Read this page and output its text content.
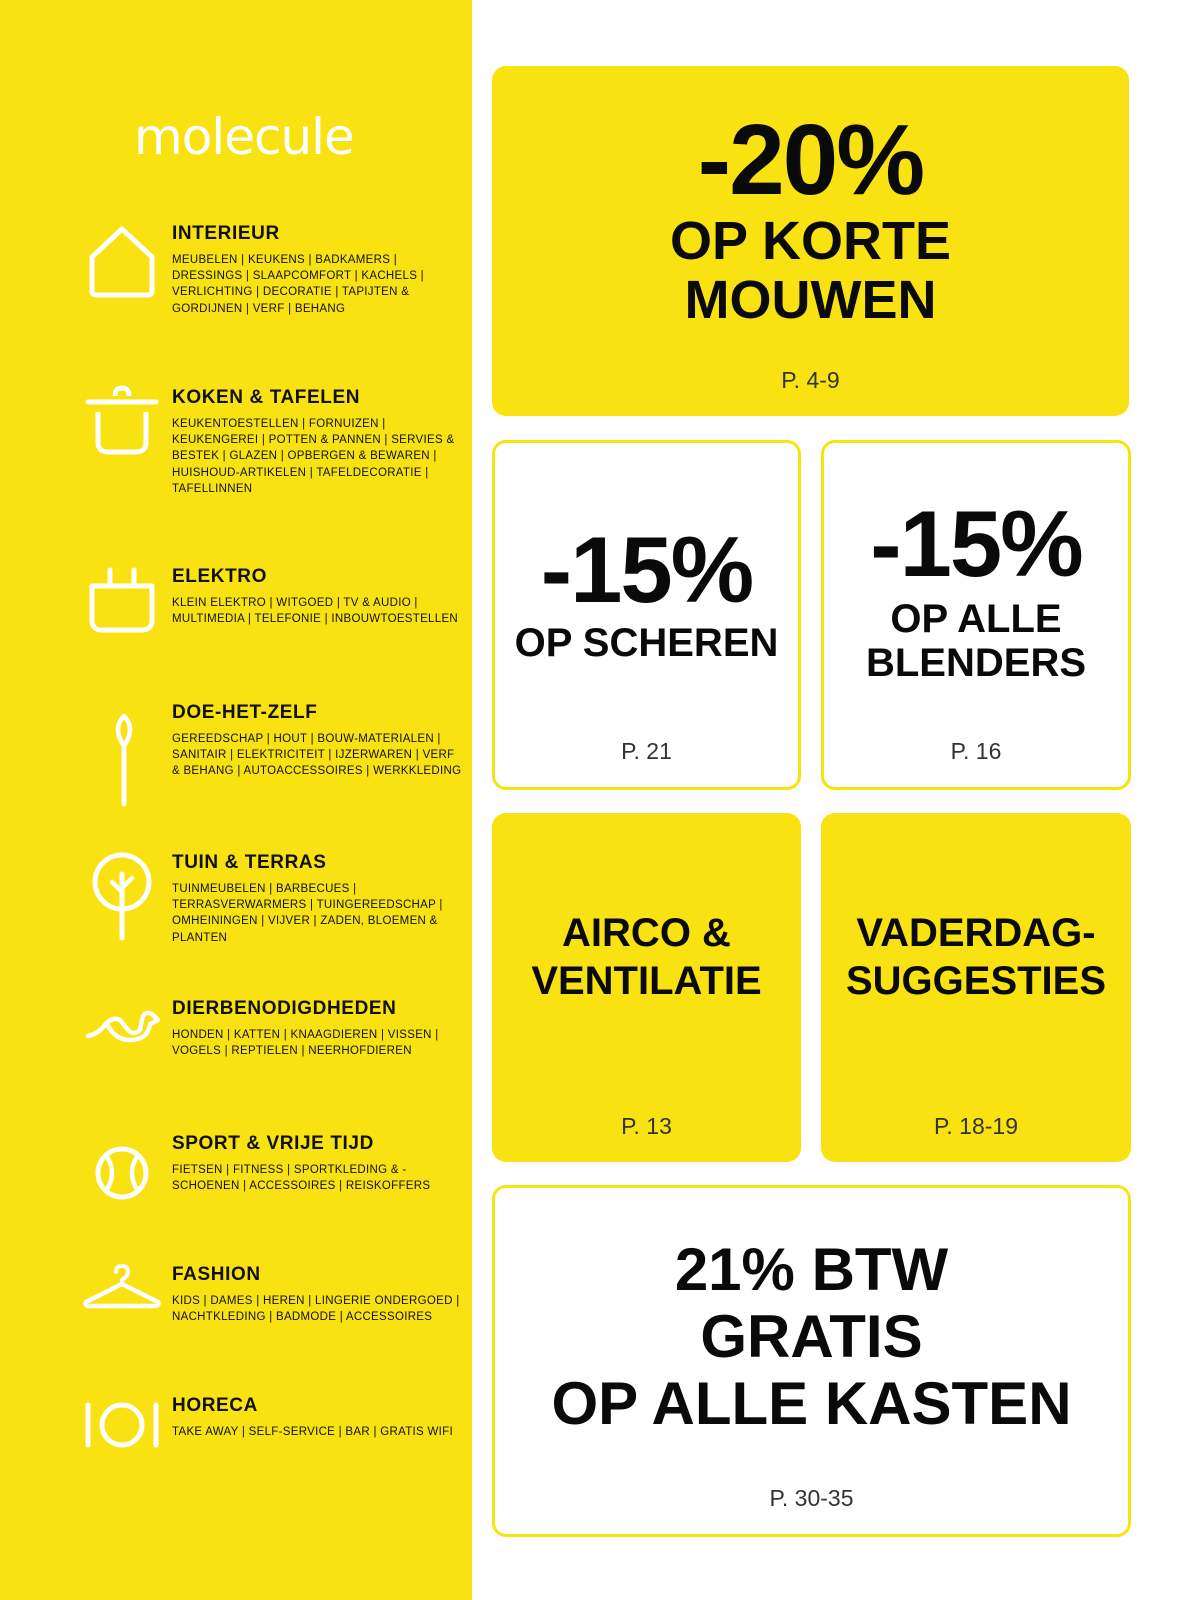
molecule
INTERIEUR
MEUBELEN | KEUKENS | BADKAMERS | DRESSINGS | SLAAPCOMFORT | KACHELS | VERLICHTING | DECORATIE | TAPIJTEN & GORDIJNEN | VERF | BEHANG
KOKEN & TAFELEN
KEUKENTOESTELLEN | FORNUIZEN | KEUKENGEREI | POTTEN & PANNEN | SERVIES & BESTEK | GLAZEN | OPBERGEN & BEWAREN | HUISHOUD-ARTIKELEN | TAFELDECORATIE | TAFELLINNEN
ELEKTRO
KLEIN ELEKTRO | WITGOED | TV & AUDIO | MULTIMEDIA | TELEFONIE | INBOUWTOESTELLEN
DOE-HET-ZELF
GEREEDSCHAP | HOUT | BOUW-MATERIALEN | SANITAIR | ELEKTRICITEIT | IJZERWAREN | VERF & BEHANG | AUTOACCESSOIRES | WERKKLEDING
TUIN & TERRAS
TUINMEUBELEN | BARBECUES | TERRASVERWARMERS | TUINGEREEDSCHAP | OMHEININGEN | VIJVER | ZADEN, BLOEMEN & PLANTEN
DIERBENODIGDHEDEN
HONDEN | KATTEN | KNAAGDIEREN | VISSEN | VOGELS | REPTIELEN | NEERHOFDIEREN
SPORT & VRIJE TIJD
FIETSEN | FITNESS | SPORTKLEDING & -SCHOENEN | ACCESSOIRES | REISKOFFERS
FASHION
KIDS | DAMES | HEREN | LINGERIE ONDERGOED | NACHTKLEDING | BADMODE | ACCESSOIRES
HORECA
TAKE AWAY | SELF-SERVICE | BAR | GRATIS WIFI
-20%
OP KORTE
MOUWEN
P. 4-9
-15%
OP SCHEREN
P. 21
-15%
OP ALLE
BLENDERS
P. 16
AIRCO &
VENTILATIE
P. 13
VADERDAG-
SUGGESTIES
P. 18-19
21% BTW
GRATIS
OP ALLE KASTEN
P. 30-35
